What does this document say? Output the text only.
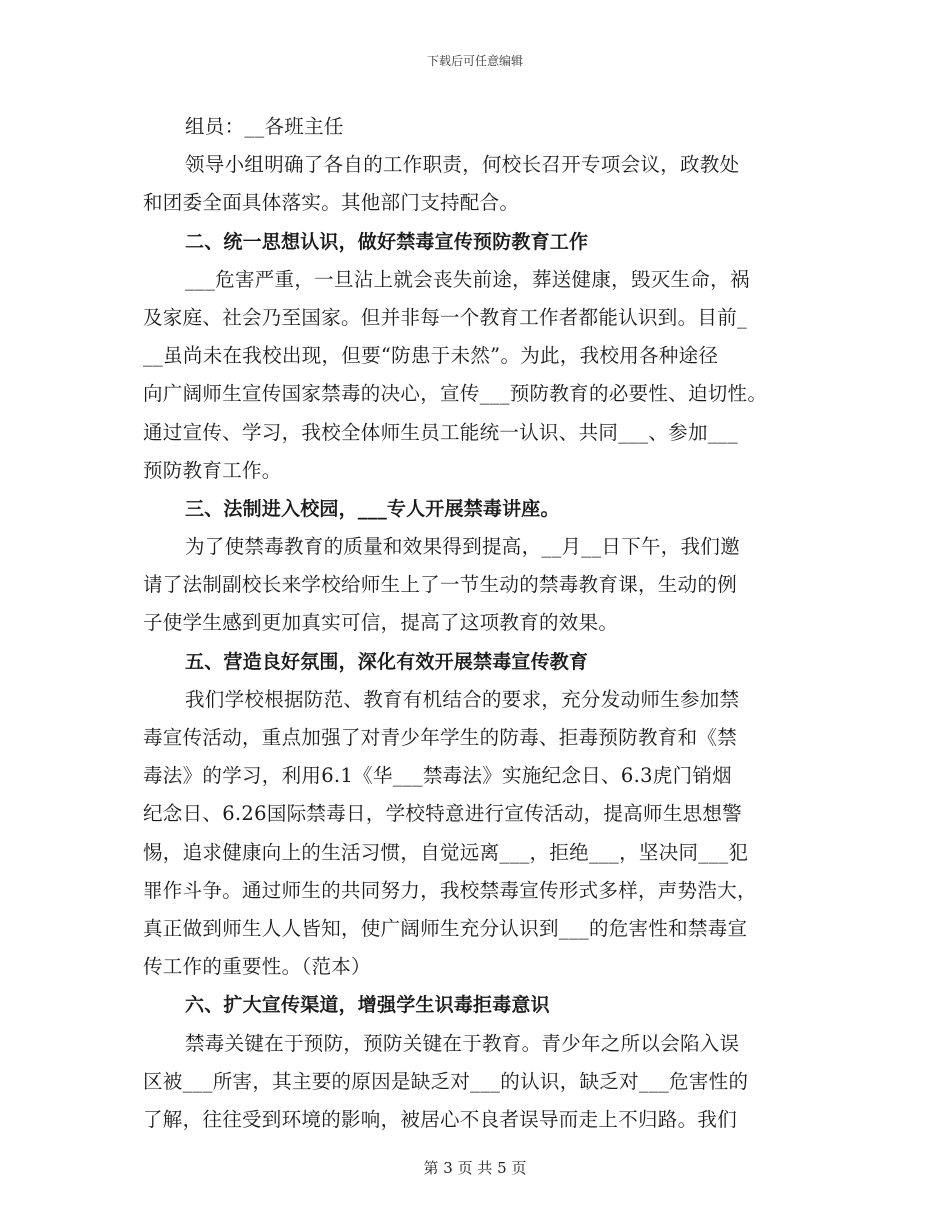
下载后可任意编辑
组员：__各班主任
领导小组明确了各自的工作职责，何校长召开专项会议，政教处
和团委全面具体落实。其他部门支持配合。
二、统一思想认识，做好禁毒宣传预防教育工作
___危害严重，一旦沾上就会丧失前途，葬送健康，毁灭生命，祸
及家庭、社会乃至国家。但并非每一个教育工作者都能认识到。目前_
__虽尚未在我校出现，但要“防患于未然”。为此，我校用各种途径
向广阔师生宣传国家禁毒的决心，宣传___预防教育的必要性、迫切性。
通过宣传、学习，我校全体师生员工能统一认识、共同___、参加___
预防教育工作。
三、法制进入校园，___专人开展禁毒讲座。
为了使禁毒教育的质量和效果得到提高，__月__日下午，我们邀
请了法制副校长来学校给师生上了一节生动的禁毒教育课，生动的例
子使学生感到更加真实可信，提高了这项教育的效果。
五、营造良好氛围，深化有效开展禁毒宣传教育
我们学校根据防范、教育有机结合的要求，充分发动师生参加禁
毒宣传活动，重点加强了对青少年学生的防毒、拒毒预防教育和《禁
毒法》的学习，利用6.1《华___禁毒法》实施纪念日、6.3虎门销烟
纪念日、6.26国际禁毒日，学校特意进行宣传活动，提高师生思想警
惕，追求健康向上的生活习惯，自觉远离___，拒绝___，坚决同___犯
罪作斗争。通过师生的共同努力，我校禁毒宣传形式多样，声势浩大，
真正做到师生人人皆知，使广阔师生充分认识到___的危害性和禁毒宣
传工作的重要性。（范本）
六、扩大宣传渠道，增强学生识毒拒毒意识
禁毒关键在于预防，预防关键在于教育。青少年之所以会陷入误
区被___所害，其主要的原因是缺乏对___的认识，缺乏对___危害性的
了解，往往受到环境的影响，被居心不良者误导而走上不归路。我们
第 3 页 共 5 页
